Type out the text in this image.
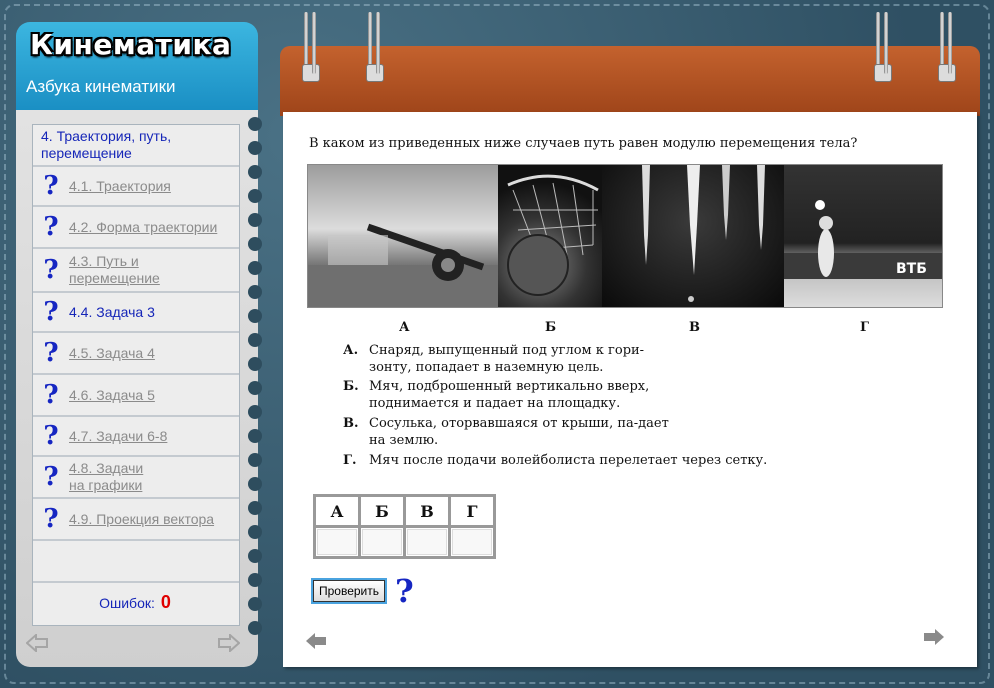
Кинематика
Азбука кинематики
4. Траектория, путь, перемещение
? 4.1. Траектория
? 4.2. Форма траектории
? 4.3. Путь и перемещение
? 4.4. Задача 3
? 4.5. Задача 4
? 4.6. Задача 5
? 4.7. Задачи 6-8
? 4.8. Задачи на графики
? 4.9. Проекция вектора
Ошибок: 0
В каком из приведенных ниже случаев путь равен модулю перемещения тела?
ВТБ
А	Б	В	Г
А. Снаряд, выпущенный под углом к гори-зонту, попадает в наземную цель.
Б. Мяч, подброшенный вертикально вверх, поднимается и падает на площадку.
В. Сосулька, оторвавшаяся от крыши, па-дает на землю.
Г. Мяч после подачи волейболиста перелетает через сетку.
А	Б	В	Г

Проверить ?
